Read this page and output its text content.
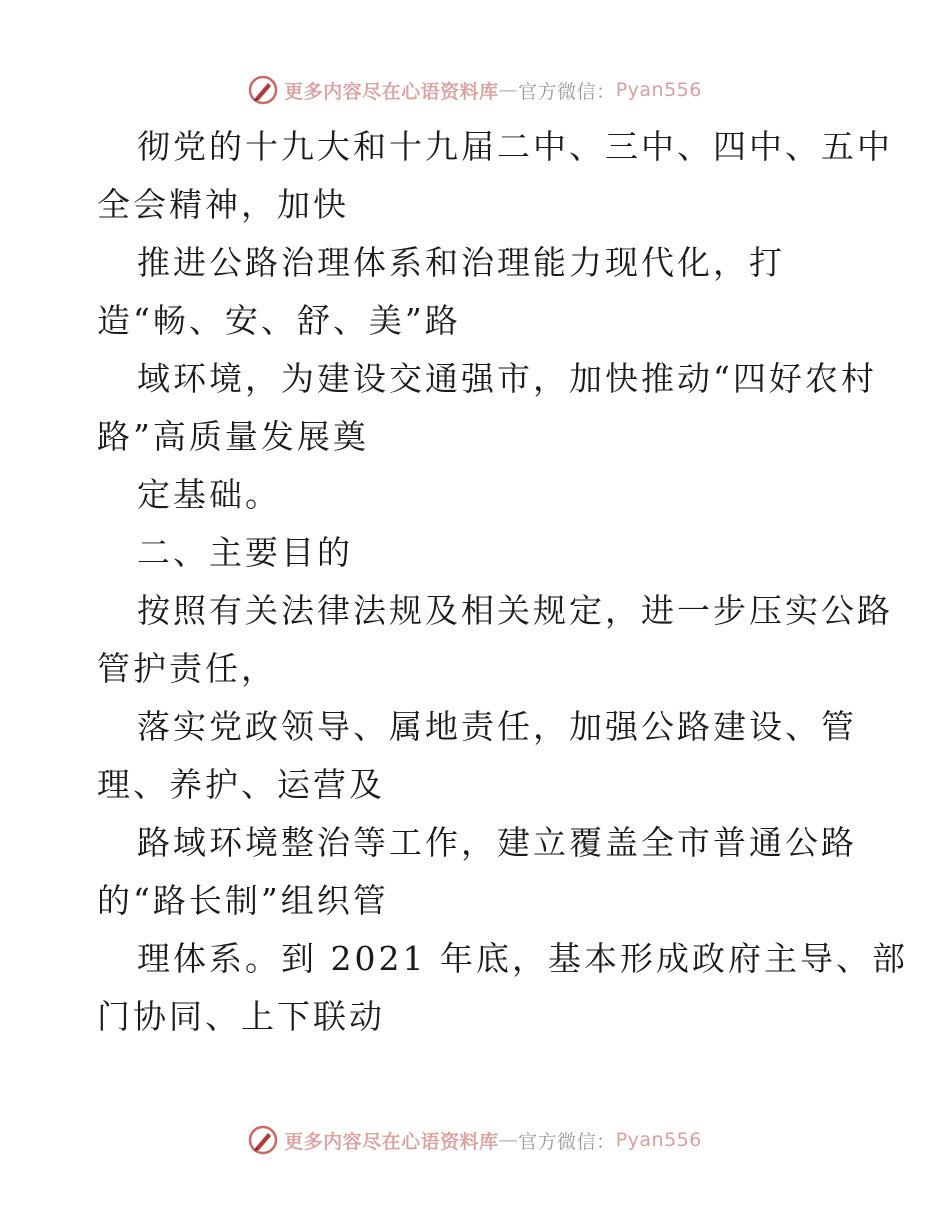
更多内容尽在心语资料库 — 官方微信： Pyan556
彻党的十九大和十九届二中、三中、四中、五中
全会精神，加快
推进公路治理体系和治理能力现代化，打
造“畅、安、舒、美”路
域环境，为建设交通强市，加快推动“四好农村
路”高质量发展奠
定基础。
二、主要目的
按照有关法律法规及相关规定，进一步压实公路
管护责任，
落实党政领导、属地责任，加强公路建设、管
理、养护、运营及
路域环境整治等工作，建立覆盖全市普通公路
的“路长制”组织管
理体系。到 2021 年底，基本形成政府主导、部
门协同、上下联动
更多内容尽在心语资料库 — 官方微信： Pyan556
